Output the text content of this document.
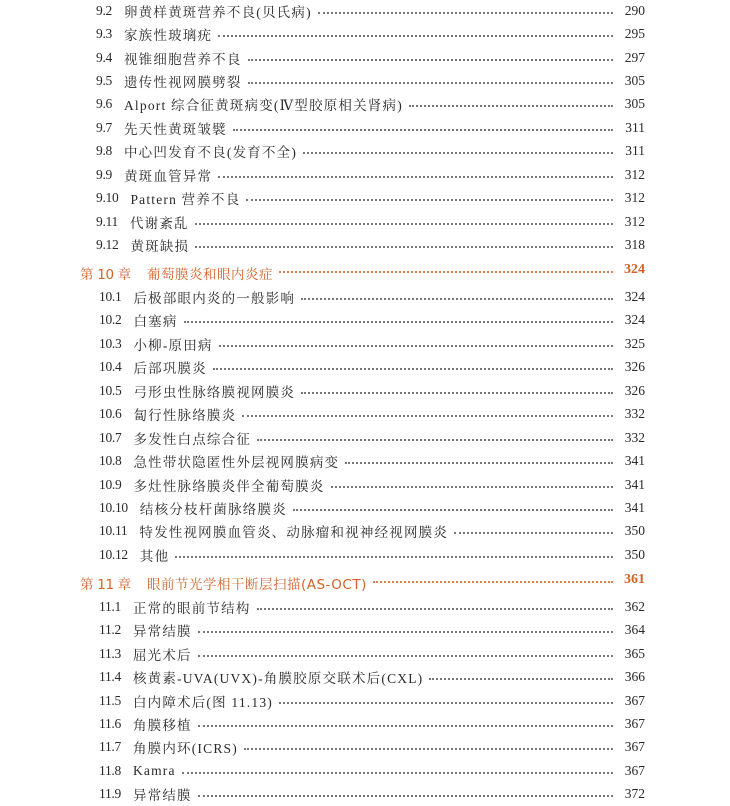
9.2 卵黄样黄斑营养不良(贝氏病)	290
9.3 家族性玻璃疣	295
9.4 视锥细胞营养不良	297
9.5 遗传性视网膜劈裂	305
9.6 Alport 综合征黄斑病变(Ⅳ型胶原相关肾病)	305
9.7 先天性黄斑皱襞	311
9.8 中心凹发育不良(发育不全)	311
9.9 黄斑血管异常	312
9.10 Pattern 营养不良	312
9.11 代谢紊乱	312
9.12 黄斑缺损	318
第 10 章 葡萄膜炎和眼内炎症	324
10.1 后极部眼内炎的一般影响	324
10.2 白塞病	324
10.3 小柳-原田病	325
10.4 后部巩膜炎	326
10.5 弓形虫性脉络膜视网膜炎	326
10.6 匐行性脉络膜炎	332
10.7 多发性白点综合征	332
10.8 急性带状隐匿性外层视网膜病变	341
10.9 多灶性脉络膜炎伴全葡萄膜炎	341
10.10 结核分枝杆菌脉络膜炎	341
10.11 特发性视网膜血管炎、动脉瘤和视神经视网膜炎	350
10.12 其他	350
第 11 章 眼前节光学相干断层扫描(AS-OCT)	361
11.1 正常的眼前节结构	362
11.2 异常结膜	364
11.3 屈光术后	365
11.4 核黄素-UVA(UVX)-角膜胶原交联术后(CXL)	366
11.5 白内障术后(图 11.13)	367
11.6 角膜移植	367
11.7 角膜内环(ICRS)	367
11.8 Kamra	367
11.9 异常结膜	372
